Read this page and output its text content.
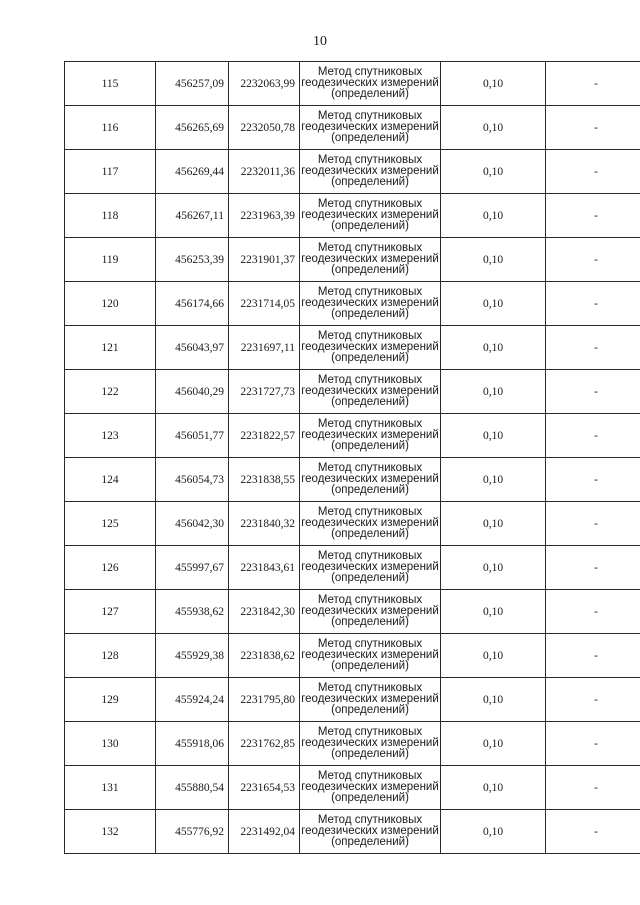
10
115	456257,09	2232063,99	Метод спутниковых
геодезических измерений
(определений)	0,10	-
116	456265,69	2232050,78	Метод спутниковых
геодезических измерений
(определений)	0,10	-
117	456269,44	2232011,36	Метод спутниковых
геодезических измерений
(определений)	0,10	-
118	456267,11	2231963,39	Метод спутниковых
геодезических измерений
(определений)	0,10	-
119	456253,39	2231901,37	Метод спутниковых
геодезических измерений
(определений)	0,10	-
120	456174,66	2231714,05	Метод спутниковых
геодезических измерений
(определений)	0,10	-
121	456043,97	2231697,11	Метод спутниковых
геодезических измерений
(определений)	0,10	-
122	456040,29	2231727,73	Метод спутниковых
геодезических измерений
(определений)	0,10	-
123	456051,77	2231822,57	Метод спутниковых
геодезических измерений
(определений)	0,10	-
124	456054,73	2231838,55	Метод спутниковых
геодезических измерений
(определений)	0,10	-
125	456042,30	2231840,32	Метод спутниковых
геодезических измерений
(определений)	0,10	-
126	455997,67	2231843,61	Метод спутниковых
геодезических измерений
(определений)	0,10	-
127	455938,62	2231842,30	Метод спутниковых
геодезических измерений
(определений)	0,10	-
128	455929,38	2231838,62	Метод спутниковых
геодезических измерений
(определений)	0,10	-
129	455924,24	2231795,80	Метод спутниковых
геодезических измерений
(определений)	0,10	-
130	455918,06	2231762,85	Метод спутниковых
геодезических измерений
(определений)	0,10	-
131	455880,54	2231654,53	Метод спутниковых
геодезических измерений
(определений)	0,10	-
132	455776,92	2231492,04	Метод спутниковых
геодезических измерений
(определений)	0,10	-
